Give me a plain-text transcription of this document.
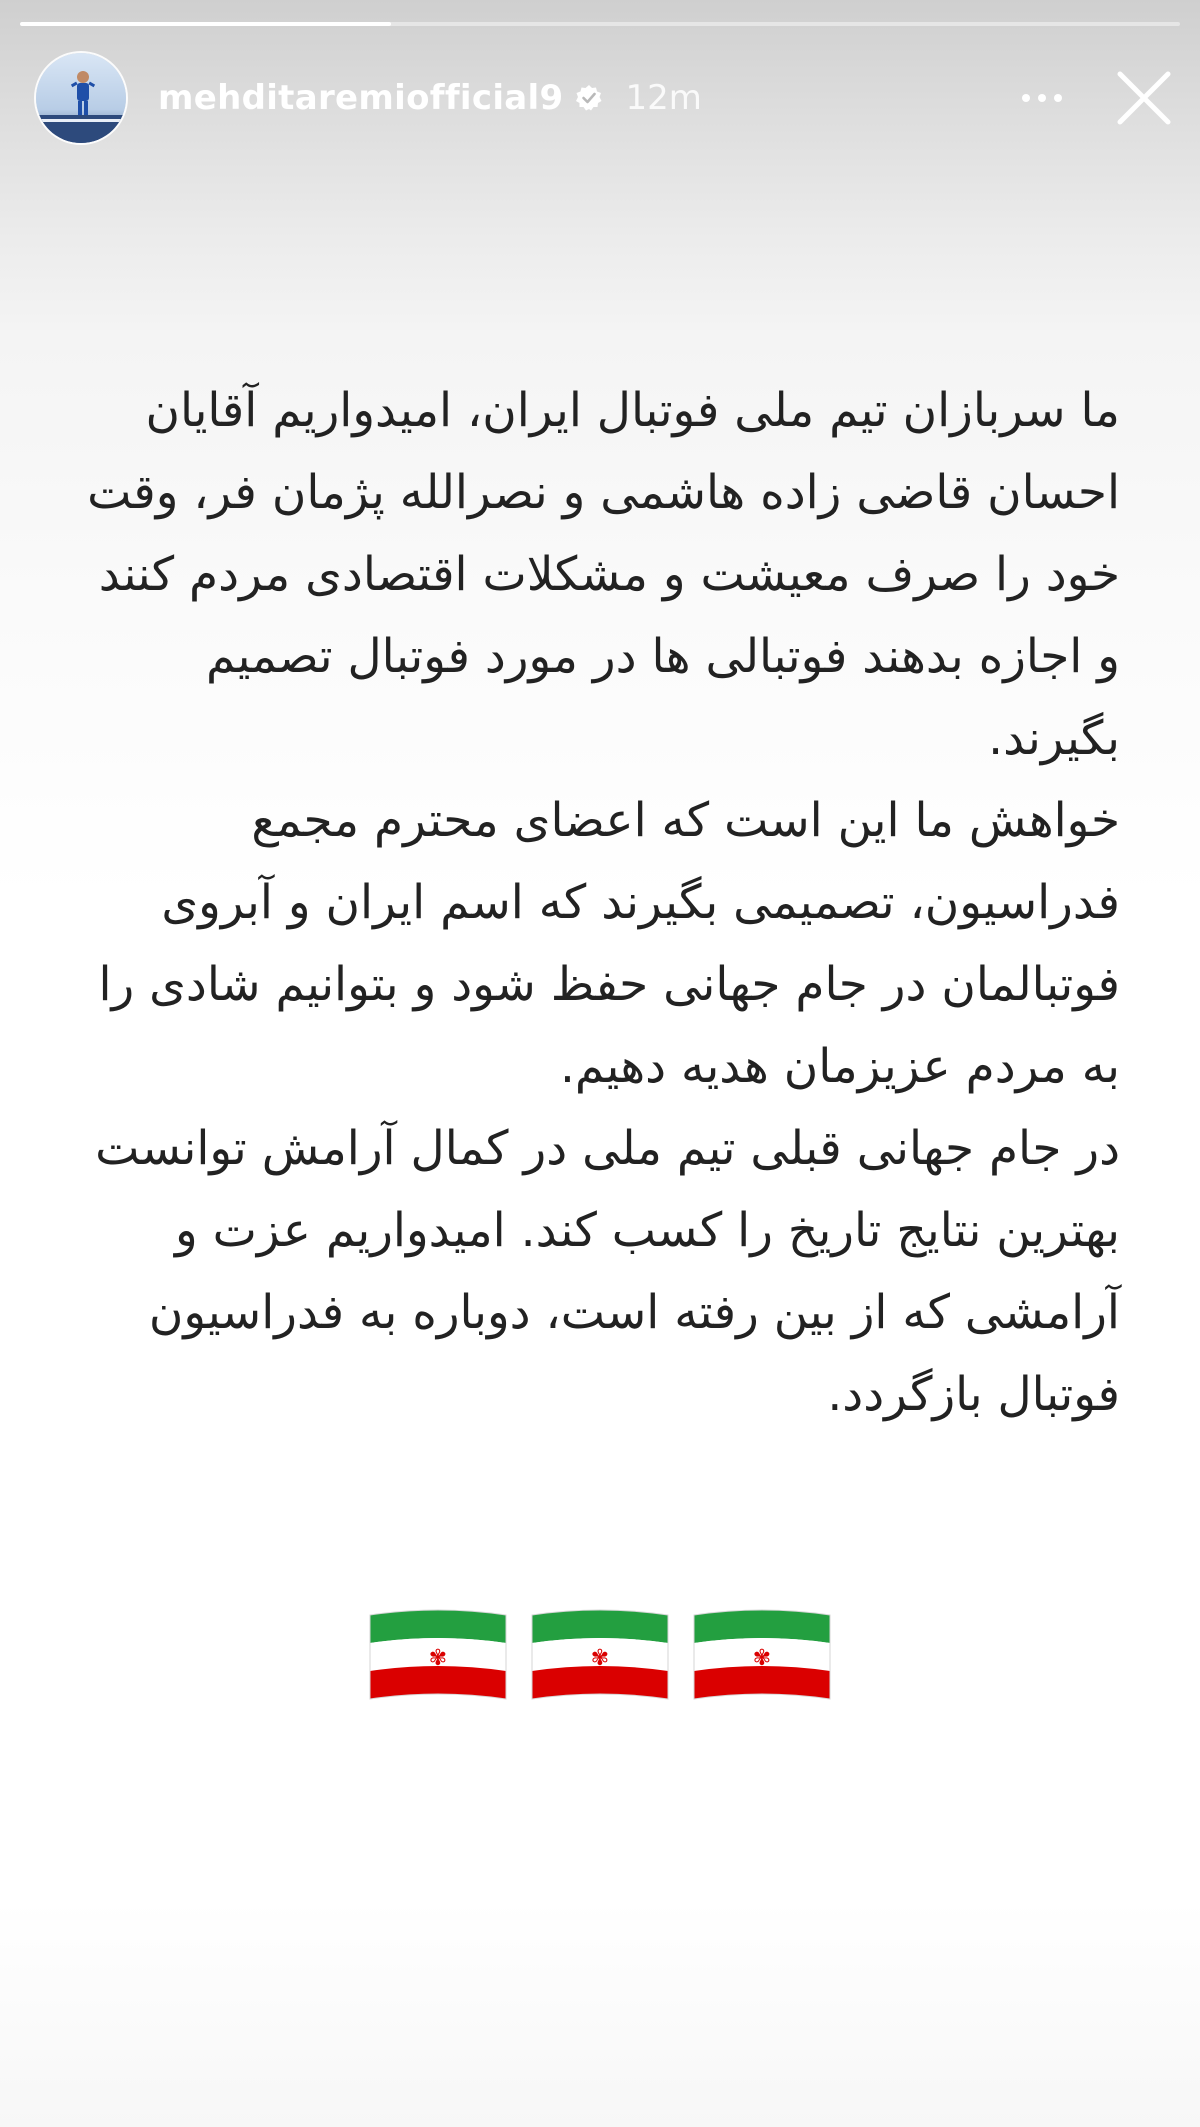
mehditaremiofficial9 12m

ما سربازان تیم ملی فوتبال ایران، امیدواریم آقایان احسان قاضی زاده هاشمی و نصرالله پژمان فر، وقت خود را صرف معیشت و مشکلات اقتصادی مردم کنند و اجازه بدهند فوتبالی ها در مورد فوتبال تصمیم بگیرند.

خواهش ما این است که اعضای محترم مجمع فدراسیون، تصمیمی بگیرند که اسم ایران و آبروی فوتبالمان در جام جهانی حفظ شود و بتوانیم شادی را به مردم عزیزمان هدیه دهیم.

در جام جهانی قبلی تیم ملی در کمال آرامش توانست بهترین نتایج تاریخ را کسب کند. امیدواریم عزت و آرامشی که از بین رفته است، دوباره به فدراسیون فوتبال بازگردد.

✾	✾	✾
